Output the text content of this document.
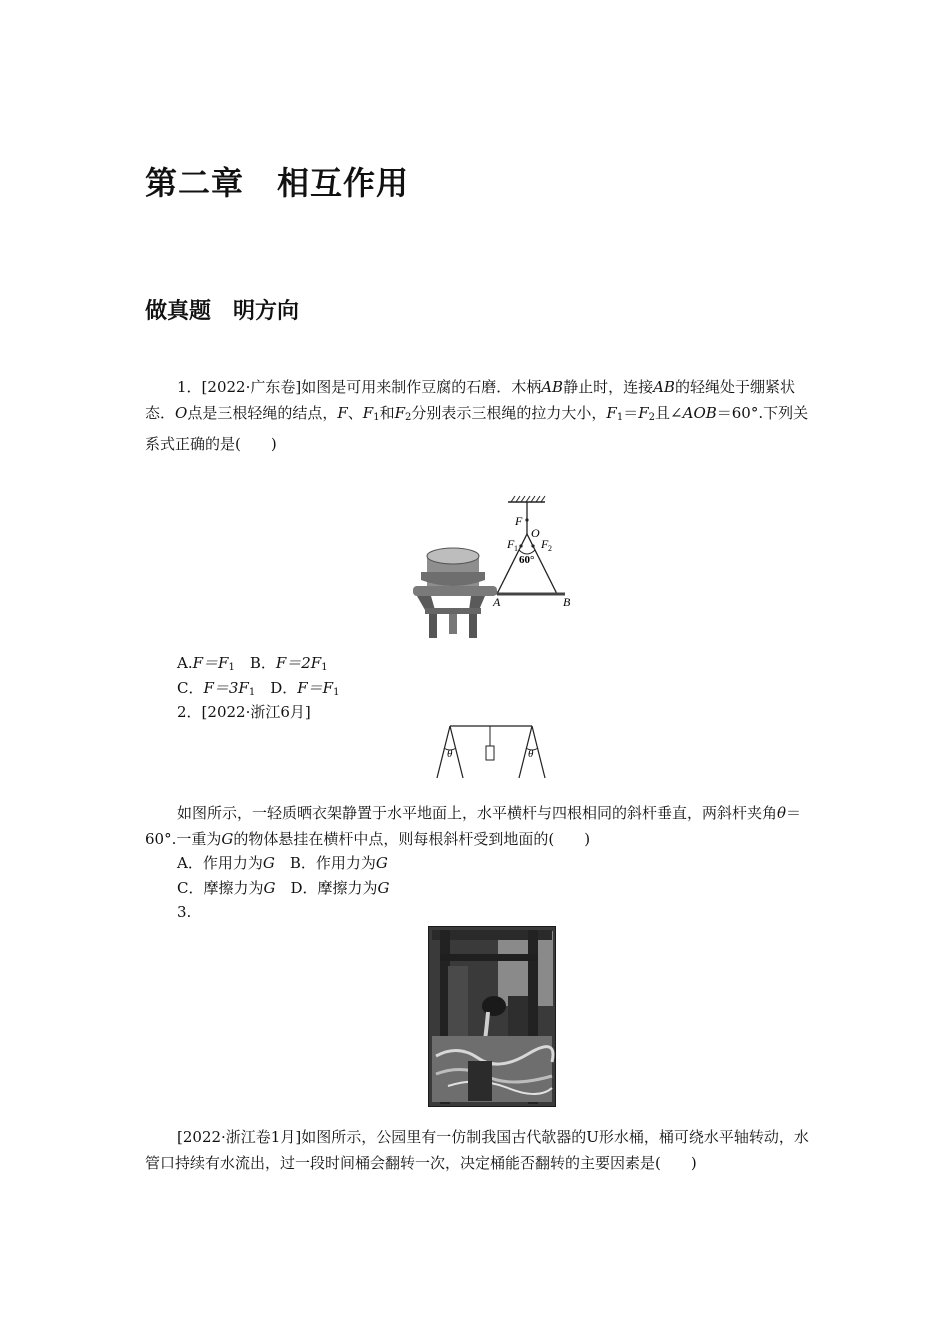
第二章　相互作用
做真题　明方向
1．[2022·广东卷]如图是可用来制作豆腐的石磨．木柄AB静止时，连接AB的轻绳处于绷紧状态．O点是三根轻绳的结点，F、$F_1$和$F_2$分别表示三根绳的拉力大小，$F_1=F_2$且∠AOB＝60°.下列关系式正确的是(　　)
F
O
F 1 F 2
60°
A	B
$A.F=F_1$　 B．$F=2F_1$
C．$F=3F_1$　 D．$F=F_1$
2．[2022·浙江6月]
θ	θ
如图所示，一轻质晒衣架静置于水平地面上，水平横杆与四根相同的斜杆垂直，两斜杆夹角θ＝60°.一重为G的物体悬挂在横杆中点，则每根斜杆受到地面的(　　)
A．作用力为G　 B．作用力为G
C．摩擦力为G　 D．摩擦力为G
3.
[2022·浙江卷1月]如图所示，公园里有一仿制我国古代欹器的U形水桶，桶可绕水平轴转动，水管口持续有水流出，过一段时间桶会翻转一次，决定桶能否翻转的主要因素是(　　)
